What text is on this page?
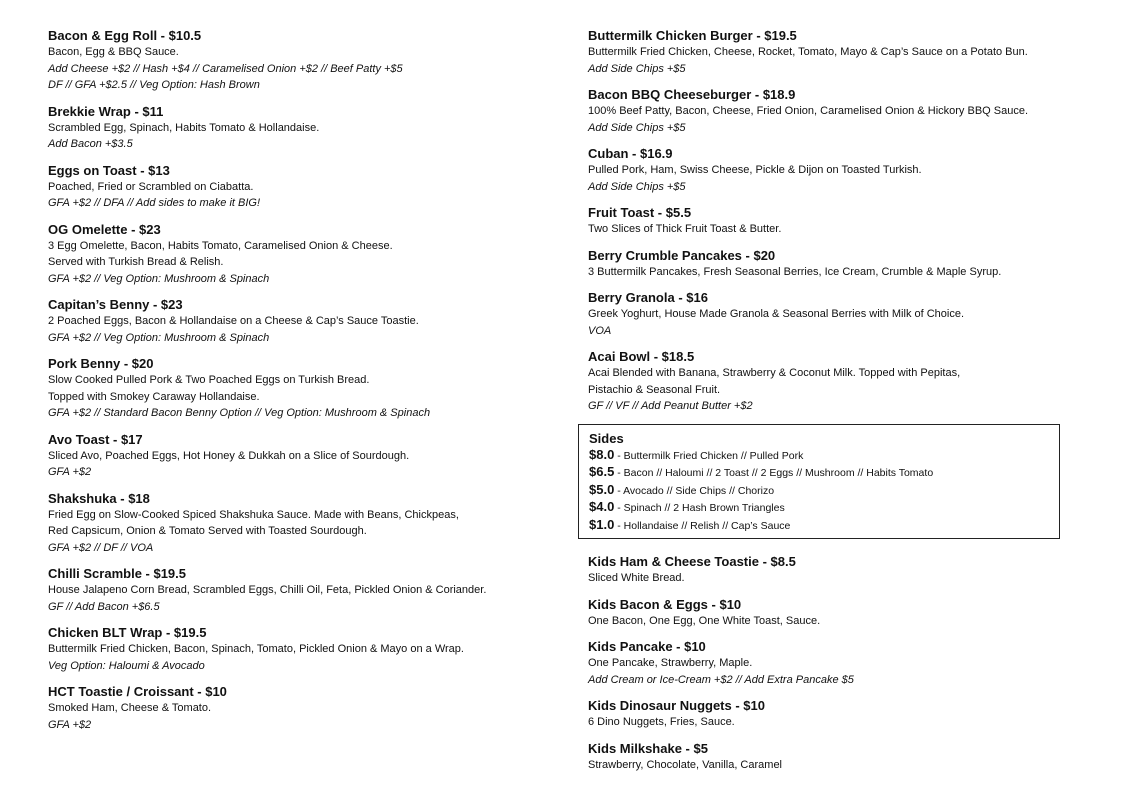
Bacon & Egg Roll - $10.5
Bacon, Egg & BBQ Sauce.
Add Cheese +$2 // Hash +$4 // Caramelised Onion +$2 // Beef Patty +$5
DF // GFA +$2.5 // Veg Option: Hash Brown
Brekkie Wrap - $11
Scrambled Egg, Spinach, Habits Tomato & Hollandaise.
Add Bacon +$3.5
Eggs on Toast - $13
Poached, Fried or Scrambled on Ciabatta.
GFA +$2 // DFA // Add sides to make it BIG!
OG Omelette - $23
3 Egg Omelette, Bacon, Habits Tomato, Caramelised Onion & Cheese.
Served with Turkish Bread & Relish.
GFA +$2 // Veg Option: Mushroom & Spinach
Capitan’s Benny - $23
2 Poached Eggs, Bacon & Hollandaise on a Cheese & Cap’s Sauce Toastie.
GFA +$2 // Veg Option: Mushroom & Spinach
Pork Benny - $20
Slow Cooked Pulled Pork & Two Poached Eggs on Turkish Bread.
Topped with Smokey Caraway Hollandaise.
GFA +$2 // Standard Bacon Benny Option // Veg Option: Mushroom & Spinach
Avo Toast - $17
Sliced Avo, Poached Eggs, Hot Honey & Dukkah on a Slice of Sourdough.
GFA +$2
Shakshuka - $18
Fried Egg on Slow-Cooked Spiced Shakshuka Sauce. Made with Beans, Chickpeas,
Red Capsicum, Onion & Tomato Served with Toasted Sourdough.
GFA +$2 // DF // VOA
Chilli Scramble - $19.5
House Jalapeno Corn Bread, Scrambled Eggs, Chilli Oil, Feta, Pickled Onion & Coriander.
GF // Add Bacon +$6.5
Chicken BLT Wrap - $19.5
Buttermilk Fried Chicken, Bacon, Spinach, Tomato, Pickled Onion & Mayo on a Wrap.
Veg Option: Haloumi & Avocado
HCT Toastie / Croissant - $10
Smoked Ham, Cheese & Tomato.
GFA +$2
Buttermilk Chicken Burger - $19.5
Buttermilk Fried Chicken, Cheese, Rocket, Tomato, Mayo & Cap’s Sauce on a Potato Bun.
Add Side Chips +$5
Bacon BBQ Cheeseburger - $18.9
100% Beef Patty, Bacon, Cheese, Fried Onion, Caramelised Onion & Hickory BBQ Sauce.
Add Side Chips +$5
Cuban - $16.9
Pulled Pork, Ham, Swiss Cheese, Pickle & Dijon on Toasted Turkish.
Add Side Chips +$5
Fruit Toast - $5.5
Two Slices of Thick Fruit Toast & Butter.
Berry Crumble Pancakes - $20
3 Buttermilk Pancakes, Fresh Seasonal Berries, Ice Cream, Crumble & Maple Syrup.
Berry Granola - $16
Greek Yoghurt, House Made Granola & Seasonal Berries with Milk of Choice.
VOA
Acai Bowl - $18.5
Acai Blended with Banana, Strawberry & Coconut Milk. Topped with Pepitas,
Pistachio & Seasonal Fruit.
GF // VF // Add Peanut Butter +$2
Sides
$8.0 - Buttermilk Fried Chicken // Pulled Pork
$6.5 - Bacon // Haloumi // 2 Toast // 2 Eggs // Mushroom // Habits Tomato
$5.0 - Avocado // Side Chips // Chorizo
$4.0 - Spinach // 2 Hash Brown Triangles
$1.0 - Hollandaise // Relish // Cap’s Sauce
Kids Ham & Cheese Toastie - $8.5
Sliced White Bread.
Kids Bacon & Eggs - $10
One Bacon, One Egg, One White Toast, Sauce.
Kids Pancake - $10
One Pancake, Strawberry, Maple.
Add Cream or Ice-Cream +$2 // Add Extra Pancake $5
Kids Dinosaur Nuggets - $10
6 Dino Nuggets, Fries, Sauce.
Kids Milkshake - $5
Strawberry, Chocolate, Vanilla, Caramel
